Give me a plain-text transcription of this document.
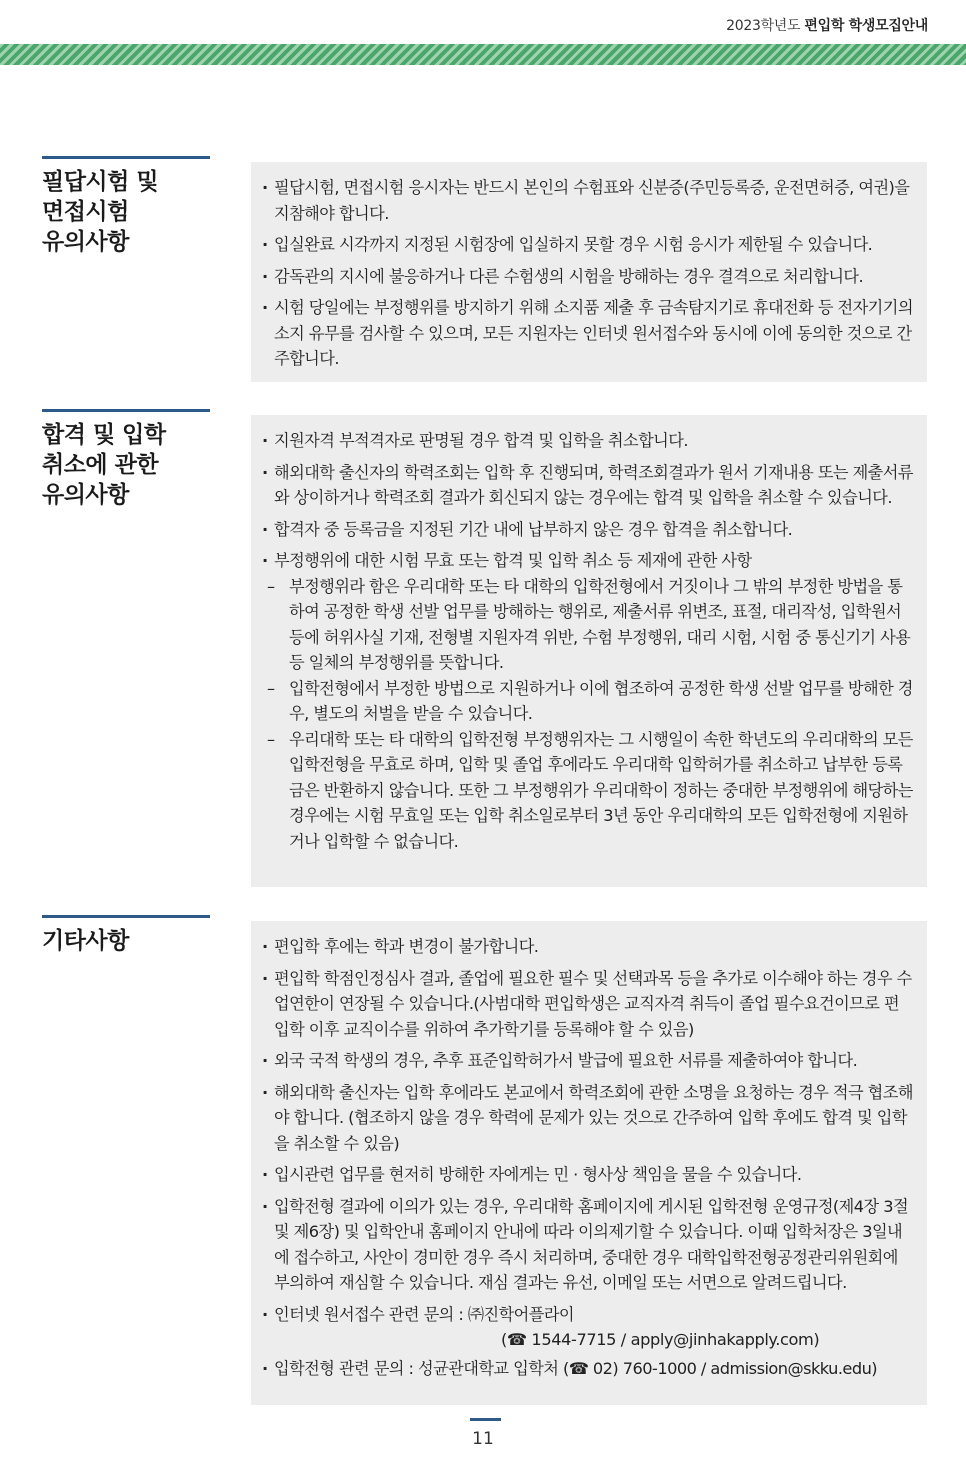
2023학년도 편입학 학생모집안내
필답시험 및
면접시험
유의사항
· 필답시험, 면접시험 응시자는 반드시 본인의 수험표와 신분증(주민등록증, 운전면허증, 여권)을 지참해야 합니다.
· 입실완료 시각까지 지정된 시험장에 입실하지 못할 경우 시험 응시가 제한될 수 있습니다.
· 감독관의 지시에 불응하거나 다른 수험생의 시험을 방해하는 경우 결격으로 처리합니다.
· 시험 당일에는 부정행위를 방지하기 위해 소지품 제출 후 금속탐지기로 휴대전화 등 전자기기의 소지 유무를 검사할 수 있으며, 모든 지원자는 인터넷 원서접수와 동시에 이에 동의한 것으로 간주합니다.
합격 및 입학
취소에 관한
유의사항
· 지원자격 부적격자로 판명될 경우 합격 및 입학을 취소합니다.
· 해외대학 출신자의 학력조회는 입학 후 진행되며, 학력조회결과가 원서 기재내용 또는 제출서류와 상이하거나 학력조회 결과가 회신되지 않는 경우에는 합격 및 입학을 취소할 수 있습니다.
· 합격자 중 등록금을 지정된 기간 내에 납부하지 않은 경우 합격을 취소합니다.
· 부정행위에 대한 시험 무효 또는 합격 및 입학 취소 등 제재에 관한 사항
– 부정행위라 함은 우리대학 또는 타 대학의 입학전형에서 거짓이나 그 밖의 부정한 방법을 통하여 공정한 학생 선발 업무를 방해하는 행위로, 제출서류 위변조, 표절, 대리작성, 입학원서 등에 허위사실 기재, 전형별 지원자격 위반, 수험 부정행위, 대리 시험, 시험 중 통신기기 사용 등 일체의 부정행위를 뜻합니다.
– 입학전형에서 부정한 방법으로 지원하거나 이에 협조하여 공정한 학생 선발 업무를 방해한 경우, 별도의 처벌을 받을 수 있습니다.
– 우리대학 또는 타 대학의 입학전형 부정행위자는 그 시행일이 속한 학년도의 우리대학의 모든 입학전형을 무효로 하며, 입학 및 졸업 후에라도 우리대학 입학허가를 취소하고 납부한 등록금은 반환하지 않습니다. 또한 그 부정행위가 우리대학이 정하는 중대한 부정행위에 해당하는 경우에는 시험 무효일 또는 입학 취소일로부터 3년 동안 우리대학의 모든 입학전형에 지원하거나 입학할 수 없습니다.
기타사항
·	편입학 후에는 학과 변경이 불가합니다.
· 편입학 학점인정심사 결과, 졸업에 필요한 필수 및 선택과목 등을 추가로 이수해야 하는 경우 수업연한이 연장될 수 있습니다.(사범대학 편입학생은 교직자격 취득이 졸업 필수요건이므로 편입학 이후 교직이수를 위하여 추가학기를 등록해야 할 수 있음)
· 외국 국적 학생의 경우, 추후 표준입학허가서 발급에 필요한 서류를 제출하여야 합니다.
· 해외대학 출신자는 입학 후에라도 본교에서 학력조회에 관한 소명을 요청하는 경우 적극 협조해야 합니다. (협조하지 않을 경우 학력에 문제가 있는 것으로 간주하여 입학 후에도 합격 및 입학을 취소할 수 있음)
· 입시관련 업무를 현저히 방해한 자에게는 민 · 형사상 책임을 물을 수 있습니다.
· 입학전형 결과에 이의가 있는 경우, 우리대학 홈페이지에 게시된 입학전형 운영규정(제4장 3절 및 제6장) 및 입학안내 홈페이지 안내에 따라 이의제기할 수 있습니다. 이때 입학처장은 3일내에 접수하고, 사안이 경미한 경우 즉시 처리하며, 중대한 경우 대학입학전형공정관리위원회에 부의하여 재심할 수 있습니다. 재심 결과는 유선, 이메일 또는 서면으로 알려드립니다.
· 인터넷 원서접수 관련 문의 : ㈜진학어플라이
(☎ 1544-7715 / apply@jinhakapply.com)
· 입학전형 관련 문의 : 성균관대학교 입학처 (☎ 02) 760-1000 / admission@skku.edu)
11
